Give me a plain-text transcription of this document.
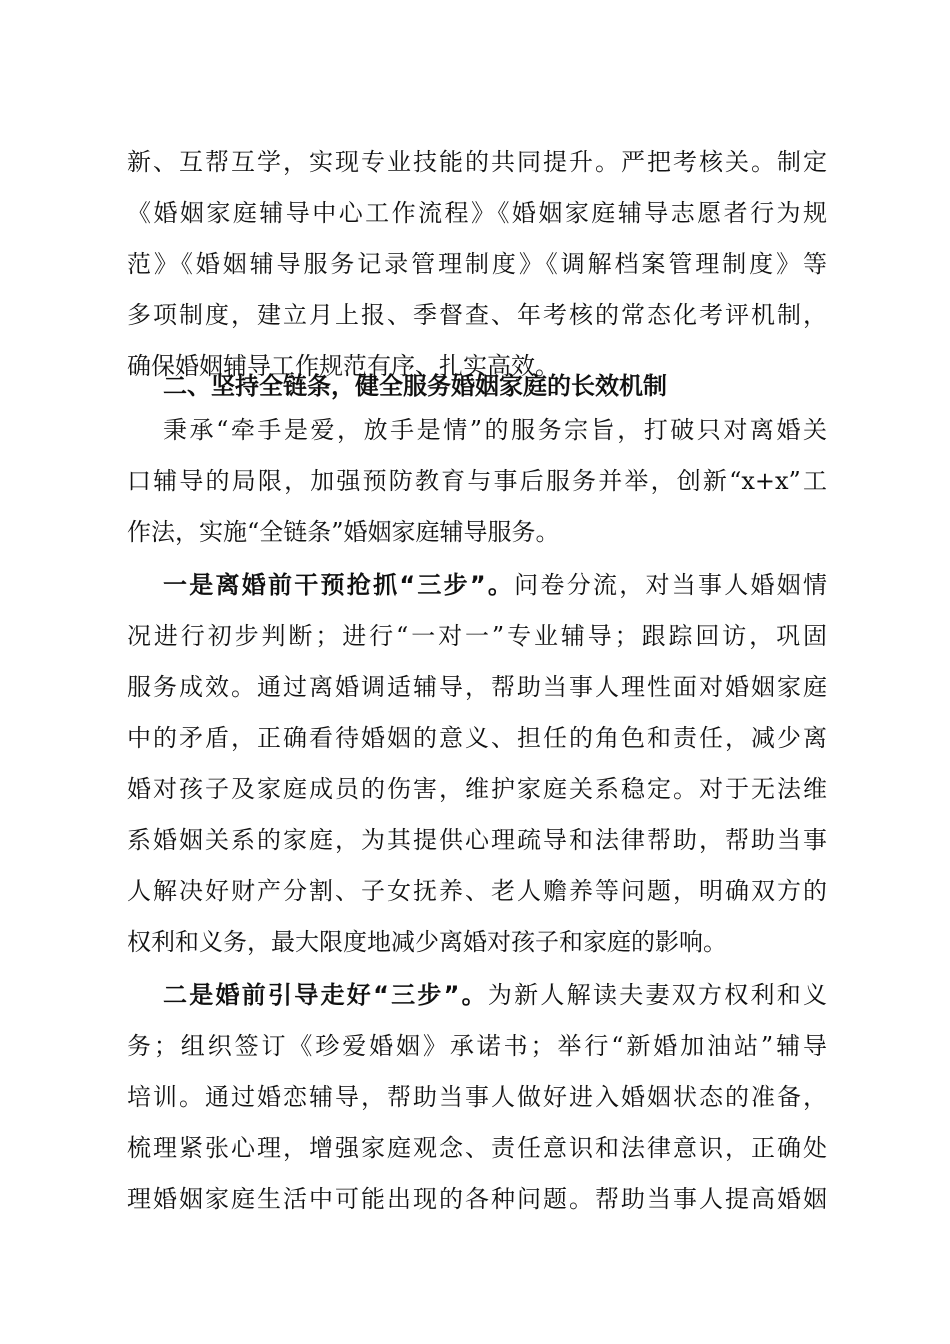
新、互帮互学，实现专业技能的共同提升。严把考核关。制定
《婚姻家庭辅导中心工作流程》《婚姻家庭辅导志愿者行为规
范》《婚姻辅导服务记录管理制度》《调解档案管理制度》等
多项制度，建立月上报、季督查、年考核的常态化考评机制，
确保婚姻辅导工作规范有序、扎实高效。
二、坚持全链条，健全服务婚姻家庭的长效机制
秉承“牵手是爱，放手是情”的服务宗旨，打破只对离婚关
口辅导的局限，加强预防教育与事后服务并举，创新“x+x”工
作法，实施“全链条”婚姻家庭辅导服务。
一是离婚前干预抢抓“三步”。问卷分流，对当事人婚姻情
况进行初步判断；进行“一对一”专业辅导；跟踪回访，巩固
服务成效。通过离婚调适辅导，帮助当事人理性面对婚姻家庭
中的矛盾，正确看待婚姻的意义、担任的角色和责任，减少离
婚对孩子及家庭成员的伤害，维护家庭关系稳定。对于无法维
系婚姻关系的家庭，为其提供心理疏导和法律帮助，帮助当事
人解决好财产分割、子女抚养、老人赡养等问题，明确双方的
权利和义务，最大限度地减少离婚对孩子和家庭的影响。
二是婚前引导走好“三步”。为新人解读夫妻双方权利和义
务；组织签订《珍爱婚姻》承诺书；举行“新婚加油站”辅导
培训。通过婚恋辅导，帮助当事人做好进入婚姻状态的准备，
梳理紧张心理，增强家庭观念、责任意识和法律意识，正确处
理婚姻家庭生活中可能出现的各种问题。帮助当事人提高婚姻
